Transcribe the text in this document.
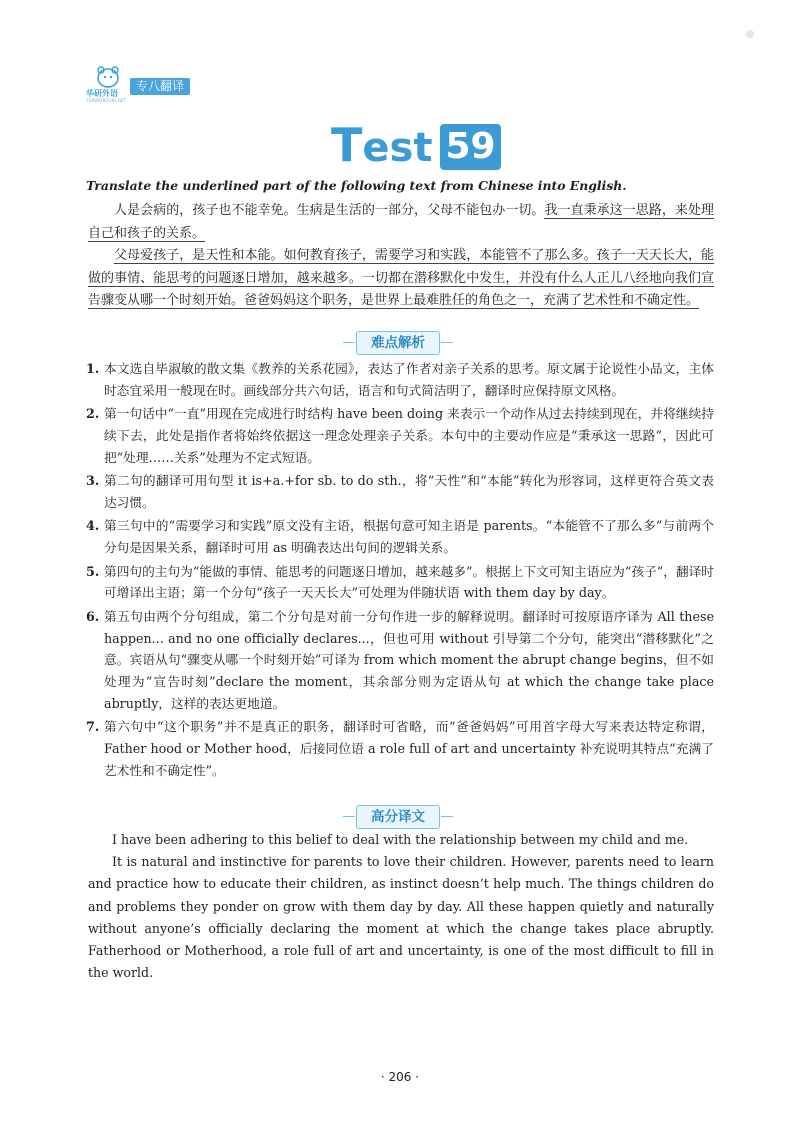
华研外语
TOPWAYBOOKS.NET
专八翻译
Test 59
Translate the underlined part of the following text from Chinese into English.
人是会病的，孩子也不能幸免。生病是生活的一部分，父母不能包办一切。我一直秉承这一思路，来处理自己和孩子的关系。
父母爱孩子，是天性和本能。如何教育孩子，需要学习和实践，本能管不了那么多。孩子一天天长大，能做的事情、能思考的问题逐日增加，越来越多。一切都在潜移默化中发生，并没有什么人正儿八经地向我们宣告骤变从哪一个时刻开始。爸爸妈妈这个职务，是世界上最难胜任的角色之一，充满了艺术性和不确定性。
难点解析
1. 本文选自毕淑敏的散文集《教养的关系花园》，表达了作者对亲子关系的思考。原文属于论说性小品文，主体时态宜采用一般现在时。画线部分共六句话，语言和句式简洁明了，翻译时应保持原文风格。
2. 第一句话中“一直”用现在完成进行时结构 have been doing 来表示一个动作从过去持续到现在，并将继续持续下去，此处是指作者将始终依据这一理念处理亲子关系。本句中的主要动作应是“秉承这一思路”，因此可把“处理……关系”处理为不定式短语。
3. 第二句的翻译可用句型 it is+a.+for sb. to do sth.，将“天性”和“本能”转化为形容词，这样更符合英文表达习惯。
4. 第三句中的“需要学习和实践”原文没有主语，根据句意可知主语是 parents。“本能管不了那么多”与前两个分句是因果关系，翻译时可用 as 明确表达出句间的逻辑关系。
5. 第四句的主句为“能做的事情、能思考的问题逐日增加，越来越多”。根据上下文可知主语应为“孩子”，翻译时可增译出主语；第一个分句“孩子一天天长大”可处理为伴随状语 with them day by day。
6. 第五句由两个分句组成，第二个分句是对前一分句作进一步的解释说明。翻译时可按原语序译为 All these happen... and no one officially declares...，但也可用 without 引导第二个分句，能突出“潜移默化”之意。宾语从句“骤变从哪一个时刻开始”可译为 from which moment the abrupt change begins，但不如处理为“宣告时刻”declare the moment，其余部分则为定语从句 at which the change take place abruptly，这样的表达更地道。
7. 第六句中“这个职务”并不是真正的职务，翻译时可省略，而“爸爸妈妈”可用首字母大写来表达特定称谓，Father hood or Mother hood，后接同位语 a role full of art and uncertainty 补充说明其特点“充满了艺术性和不确定性”。
高分译文
I have been adhering to this belief to deal with the relationship between my child and me.
It is natural and instinctive for parents to love their children. However, parents need to learn and practice how to educate their children, as instinct doesn’t help much. The things children do and problems they ponder on grow with them day by day. All these happen quietly and naturally without anyone’s officially declaring the moment at which the change takes place abruptly. Fatherhood or Motherhood, a role full of art and uncertainty, is one of the most difficult to fill in the world.
· 206 ·
